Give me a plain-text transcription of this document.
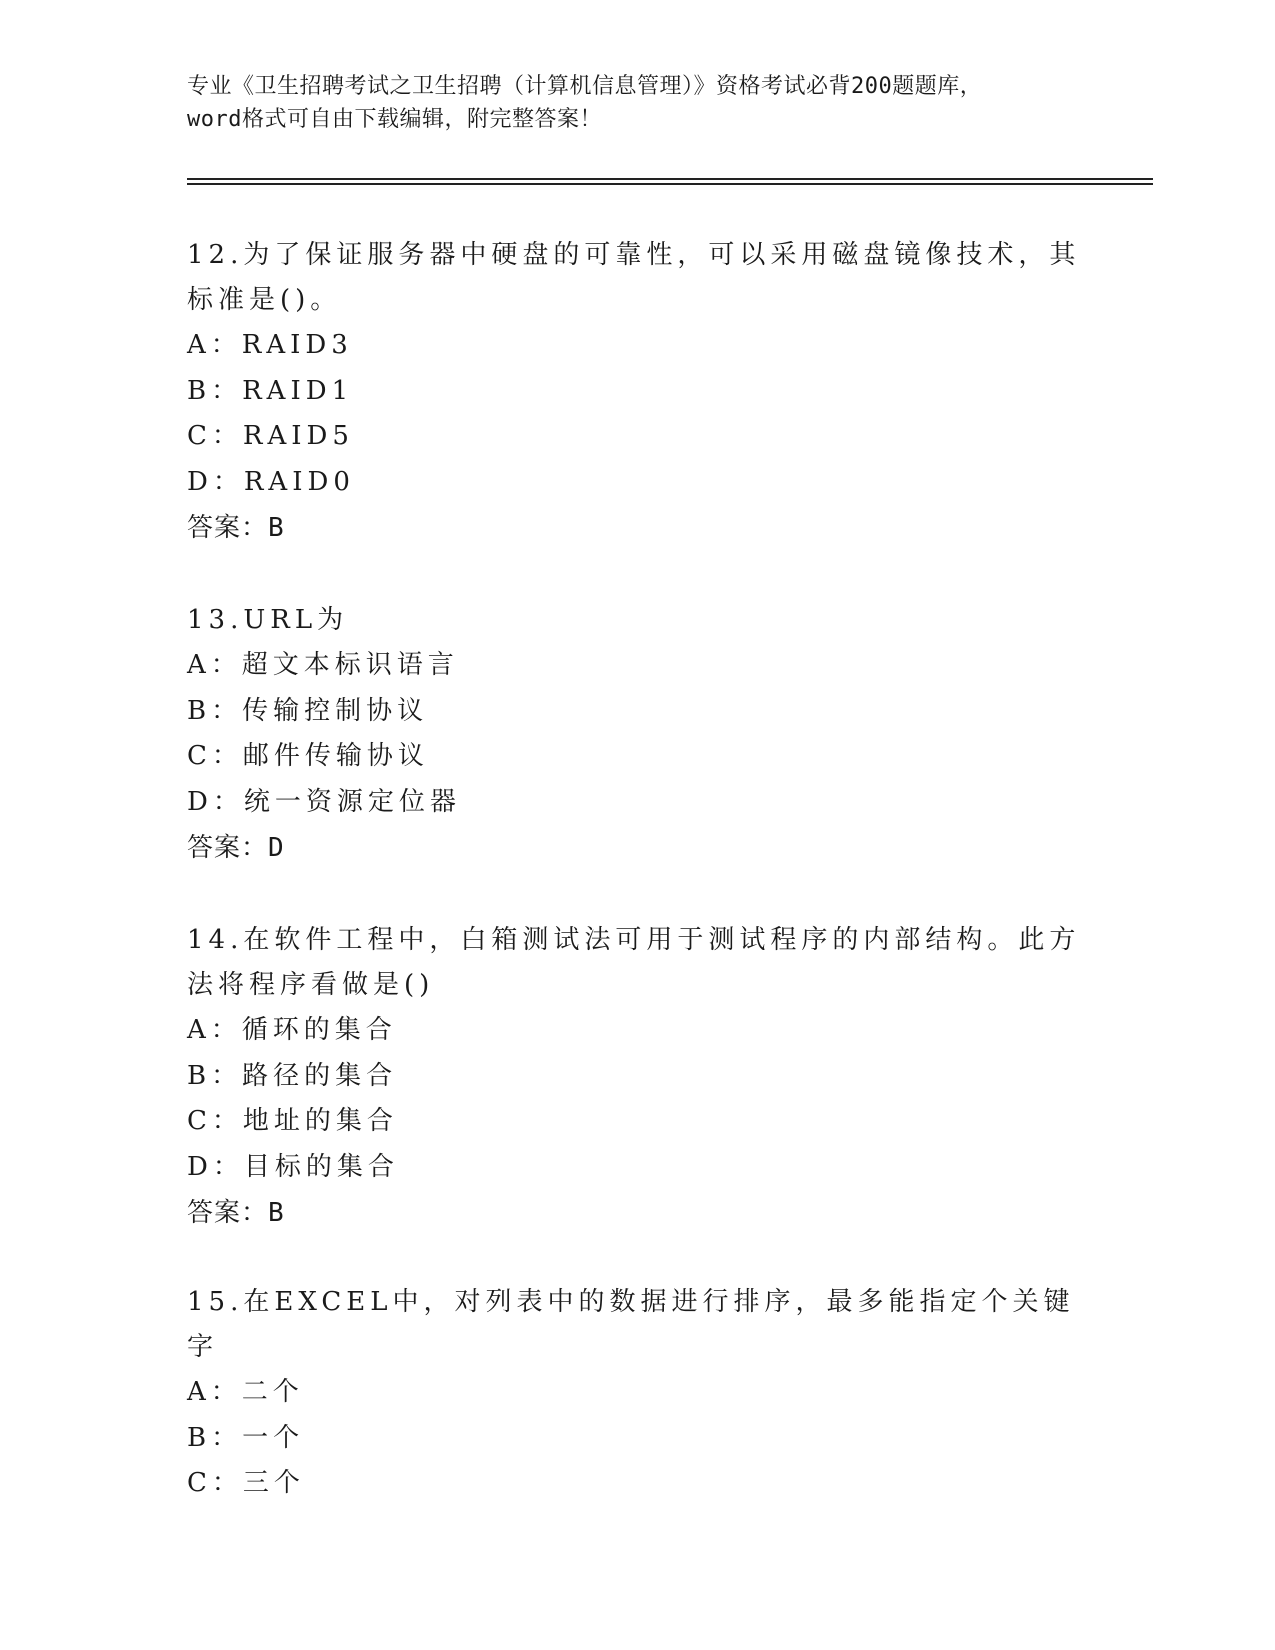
专业《卫生招聘考试之卫生招聘（计算机信息管理）》资格考试必背200题题库，

word格式可自由下载编辑，附完整答案！

12.为了保证服务器中硬盘的可靠性，可以采用磁盘镜像技术，其标准是()。

A：RAID3

B：RAID1

C：RAID5

D：RAID0

答案：B

13.URL为

A：超文本标识语言

B：传输控制协议

C：邮件传输协议

D：统一资源定位器

答案：D

14.在软件工程中，白箱测试法可用于测试程序的内部结构。此方法将程序看做是()

A：循环的集合

B：路径的集合

C：地址的集合

D：目标的集合

答案：B

15.在EXCEL中，对列表中的数据进行排序，最多能指定个关键字

A：二个

B：一个

C：三个
